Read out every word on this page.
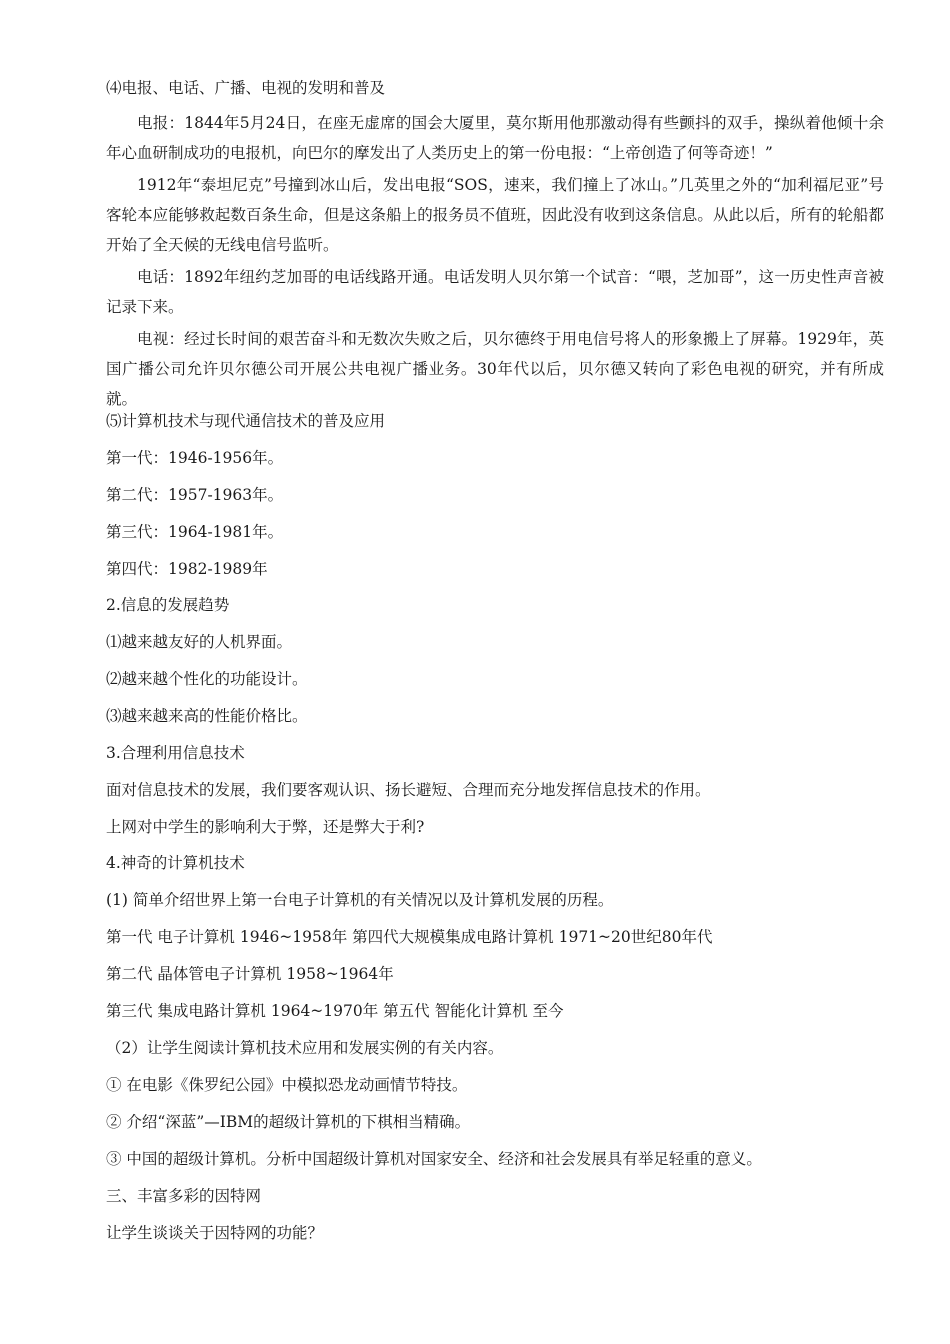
⑷电报、电话、广播、电视的发明和普及

电报：1844年5月24日，在座无虚席的国会大厦里，莫尔斯用他那激动得有些颤抖的双手，操纵着他倾十余年心血研制成功的电报机，向巴尔的摩发出了人类历史上的第一份电报：“上帝创造了何等奇迹！”

1912年“泰坦尼克”号撞到冰山后，发出电报“SOS，速来，我们撞上了冰山。”几英里之外的“加利福尼亚”号客轮本应能够救起数百条生命，但是这条船上的报务员不值班，因此没有收到这条信息。从此以后，所有的轮船都开始了全天候的无线电信号监听。

电话：1892年纽约芝加哥的电话线路开通。电话发明人贝尔第一个试音：“喂，芝加哥”，这一历史性声音被记录下来。

电视：经过长时间的艰苦奋斗和无数次失败之后，贝尔德终于用电信号将人的形象搬上了屏幕。1929年，英国广播公司允许贝尔德公司开展公共电视广播业务。30年代以后，贝尔德又转向了彩色电视的研究，并有所成就。

⑸计算机技术与现代通信技术的普及应用

第一代：1946-1956年。

第二代：1957-1963年。

第三代：1964-1981年。

第四代：1982-1989年

2.信息的发展趋势

⑴越来越友好的人机界面。

⑵越来越个性化的功能设计。

⑶越来越来高的性能价格比。

3.合理利用信息技术

面对信息技术的发展，我们要客观认识、扬长避短、合理而充分地发挥信息技术的作用。

上网对中学生的影响利大于弊，还是弊大于利?

4.神奇的计算机技术

(1) 简单介绍世界上第一台电子计算机的有关情况以及计算机发展的历程。

第一代 电子计算机 1946~1958年 第四代大规模集成电路计算机 1971~20世纪80年代

第二代 晶体管电子计算机 1958~1964年

第三代 集成电路计算机 1964~1970年 第五代 智能化计算机 至今

（2）让学生阅读计算机技术应用和发展实例的有关内容。

① 在电影《侏罗纪公园》中模拟恐龙动画情节特技。

② 介绍“深蓝”—IBM的超级计算机的下棋相当精确。

③ 中国的超级计算机。分析中国超级计算机对国家安全、经济和社会发展具有举足轻重的意义。

三、丰富多彩的因特网

让学生谈谈关于因特网的功能？
